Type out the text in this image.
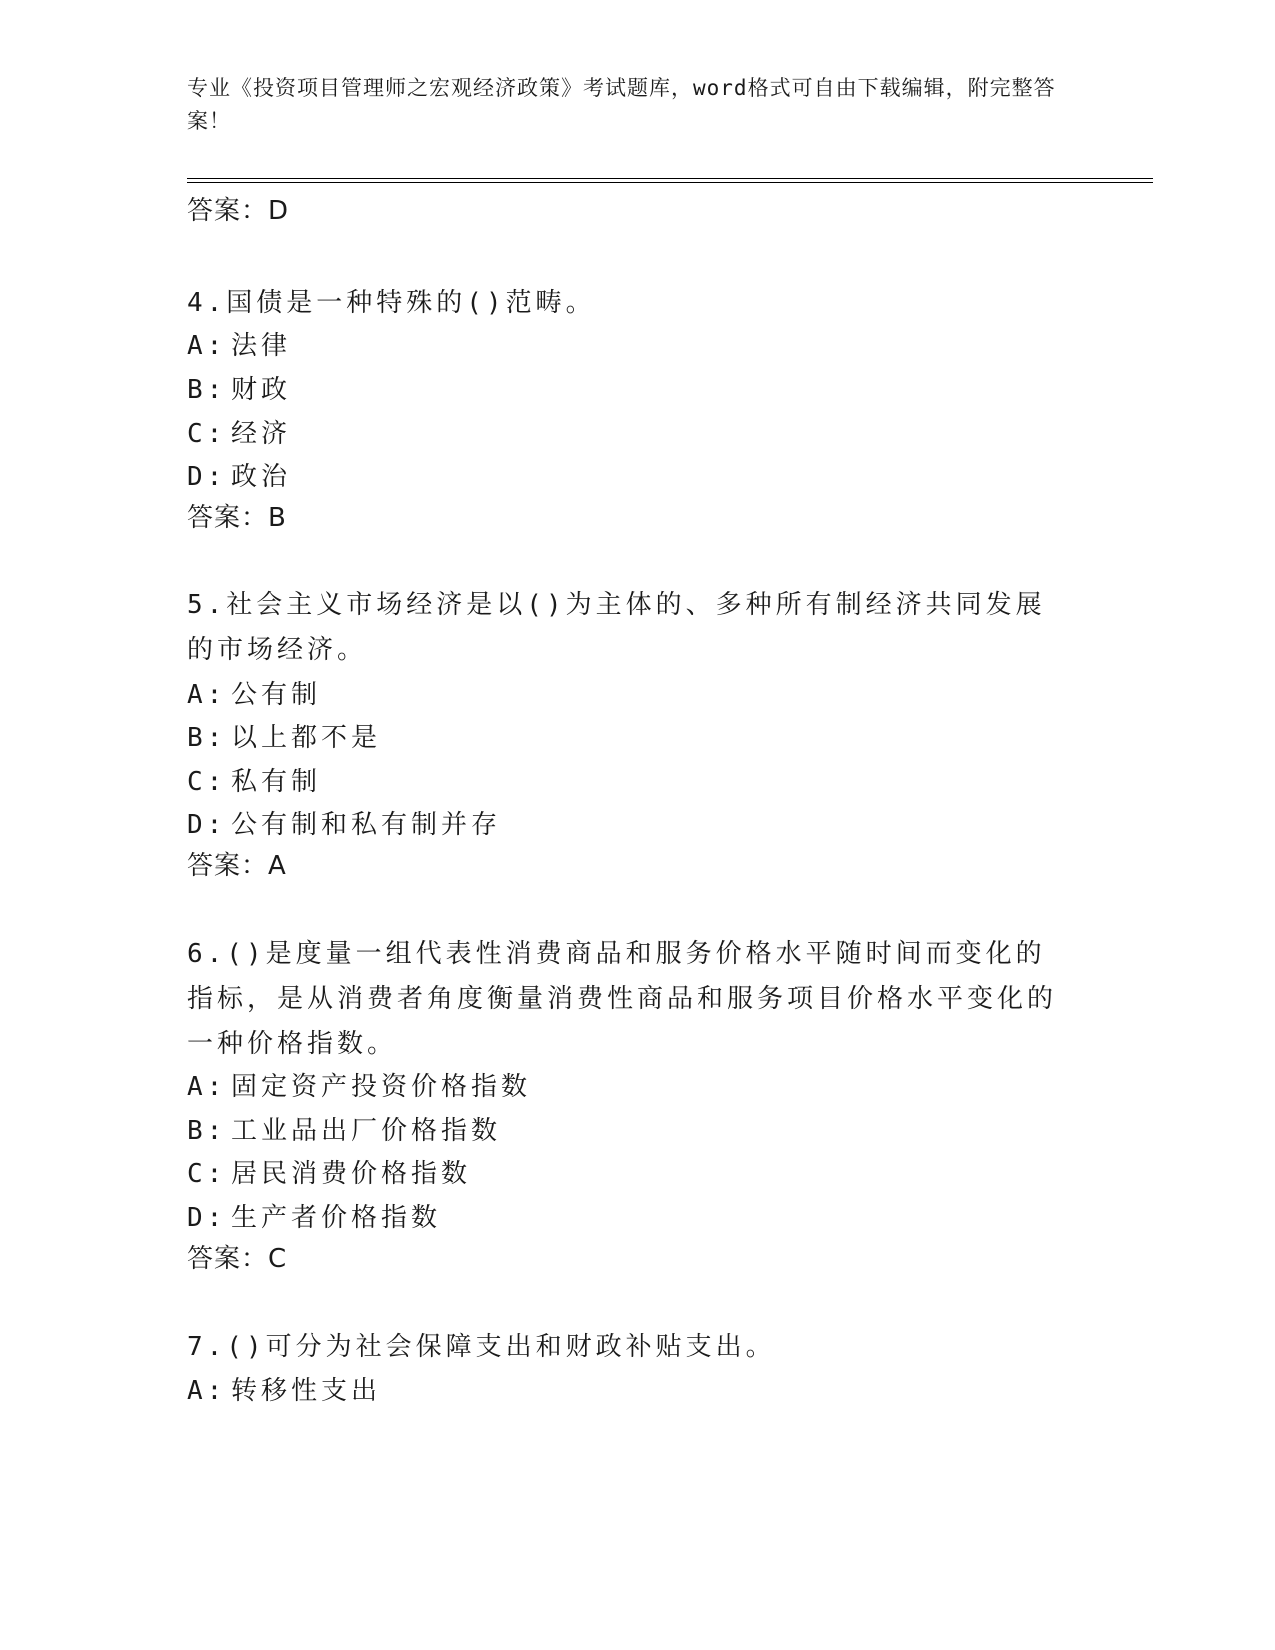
专业《投资项目管理师之宏观经济政策》考试题库，word格式可自由下载编辑，附完整答案！
答案：D
4.国债是一种特殊的()范畴。
A: 法律
B: 财政
C: 经济
D: 政治
答案：B
5.社会主义市场经济是以()为主体的、多种所有制经济共同发展的市场经济。
A: 公有制
B: 以上都不是
C: 私有制
D: 公有制和私有制并存
答案：A
6.()是度量一组代表性消费商品和服务价格水平随时间而变化的指标，是从消费者角度衡量消费性商品和服务项目价格水平变化的一种价格指数。
A: 固定资产投资价格指数
B: 工业品出厂价格指数
C: 居民消费价格指数
D: 生产者价格指数
答案：C
7.()可分为社会保障支出和财政补贴支出。
A: 转移性支出
